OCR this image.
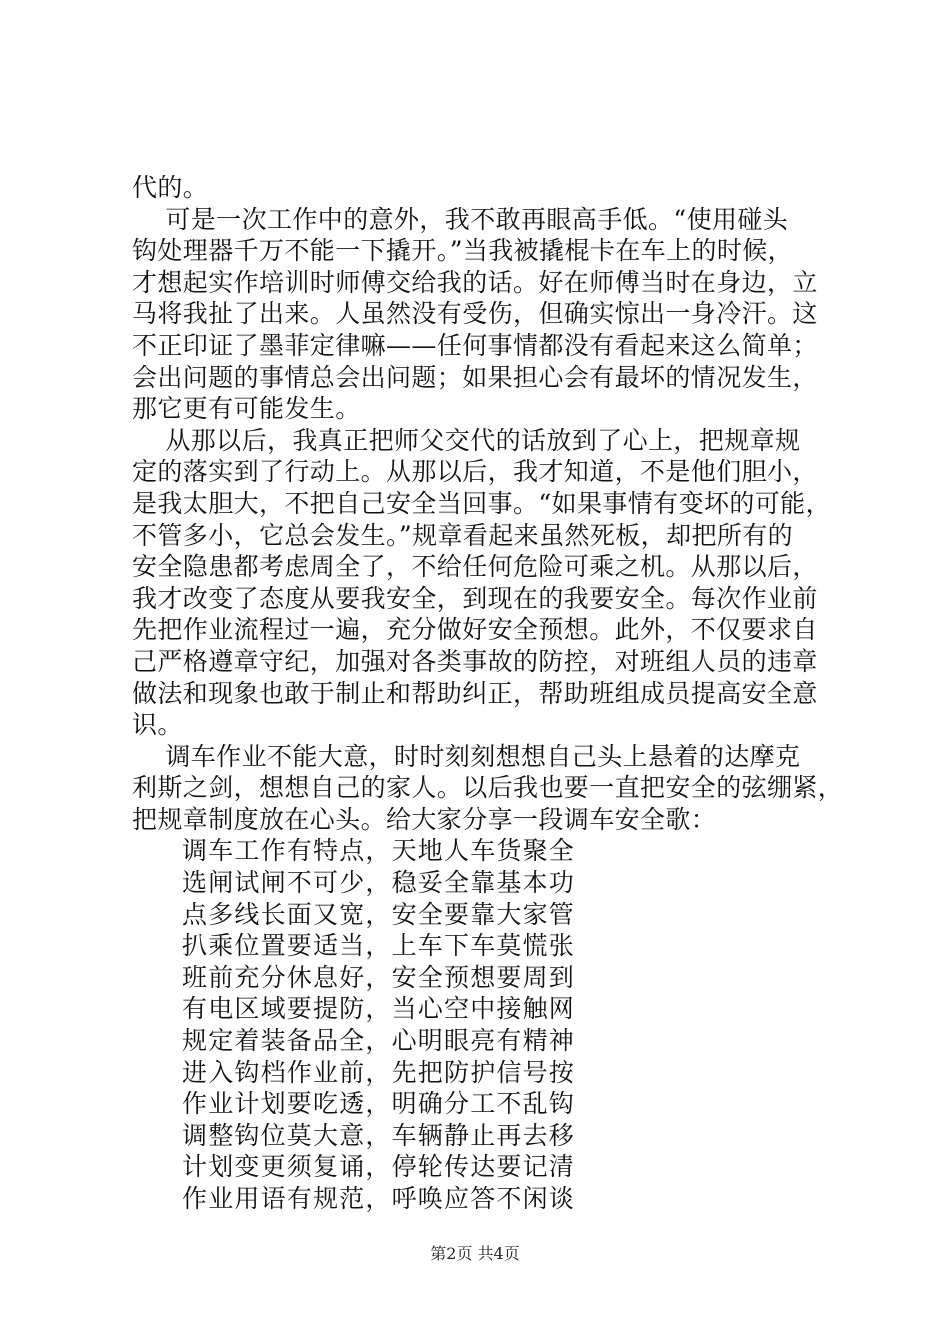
代的。
可是一次工作中的意外，我不敢再眼高手低。“使用碰头
钩处理器千万不能一下撬开。”当我被撬棍卡在车上的时候，
才想起实作培训时师傅交给我的话。好在师傅当时在身边，立
马将我扯了出来。人虽然没有受伤，但确实惊出一身冷汗。这
不正印证了墨菲定律嘛——任何事情都没有看起来这么简单；
会出问题的事情总会出问题；如果担心会有最坏的情况发生，
那它更有可能发生。
从那以后，我真正把师父交代的话放到了心上，把规章规
定的落实到了行动上。从那以后，我才知道，不是他们胆小，
是我太胆大，不把自己安全当回事。“如果事情有变坏的可能，
不管多小，它总会发生。”规章看起来虽然死板，却把所有的
安全隐患都考虑周全了，不给任何危险可乘之机。从那以后，
我才改变了态度从要我安全，到现在的我要安全。每次作业前
先把作业流程过一遍，充分做好安全预想。此外，不仅要求自
己严格遵章守纪，加强对各类事故的防控，对班组人员的违章
做法和现象也敢于制止和帮助纠正，帮助班组成员提高安全意
识。
调车作业不能大意，时时刻刻想想自己头上悬着的达摩克
利斯之剑，想想自己的家人。以后我也要一直把安全的弦绷紧，
把规章制度放在心头。给大家分享一段调车安全歌：
调车工作有特点，天地人车货聚全
选闸试闸不可少，稳妥全靠基本功
点多线长面又宽，安全要靠大家管
扒乘位置要适当，上车下车莫慌张
班前充分休息好，安全预想要周到
有电区域要提防，当心空中接触网
规定着装备品全，心明眼亮有精神
进入钩档作业前，先把防护信号按
作业计划要吃透，明确分工不乱钩
调整钩位莫大意，车辆静止再去移
计划变更须复诵，停轮传达要记清
作业用语有规范，呼唤应答不闲谈
第2页 共4页
